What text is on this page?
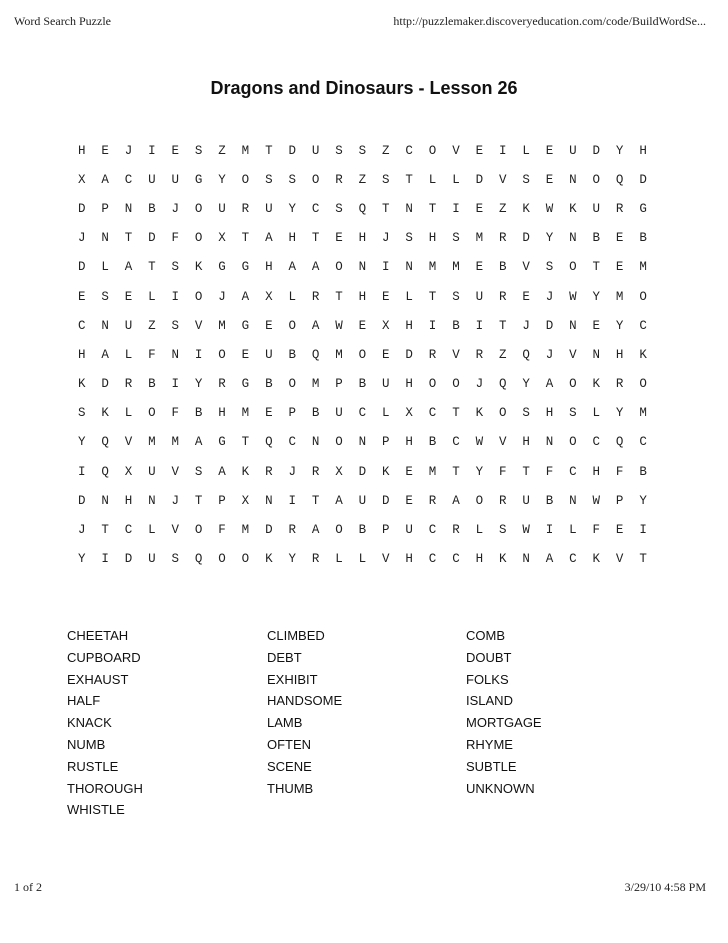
Word Search Puzzle	http://puzzlemaker.discoveryeducation.com/code/BuildWordSe...
Dragons and Dinosaurs - Lesson 26
H	E	J	I	E	S	Z	M	T	D	U	S	S	Z	C	O	V	E	I	L	E	U	D	Y	H
X	A	C	U	U	G	Y	O	S	S	O	R	Z	S	T	L	L	D	V	S	E	N	O	Q	D
D	P	N	B	J	O	U	R	U	Y	C	S	Q	T	N	T	I	E	Z	K	W	K	U	R	G
J	N	T	D	F	O	X	T	A	H	T	E	H	J	S	H	S	M	R	D	Y	N	B	E	B
D	L	A	T	S	K	G	G	H	A	A	O	N	I	N	M	M	E	B	V	S	O	T	E	M
E	S	E	L	I	O	J	A	X	L	R	T	H	E	L	T	S	U	R	E	J	W	Y	M	O
C	N	U	Z	S	V	M	G	E	O	A	W	E	X	H	I	B	I	T	J	D	N	E	Y	C
H	A	L	F	N	I	O	E	U	B	Q	M	O	E	D	R	V	R	Z	Q	J	V	N	H	K
K	D	R	B	I	Y	R	G	B	O	M	P	B	U	H	O	O	J	Q	Y	A	O	K	R	O
S	K	L	O	F	B	H	M	E	P	B	U	C	L	X	C	T	K	O	S	H	S	L	Y	M
Y	Q	V	M	M	A	G	T	Q	C	N	O	N	P	H	B	C	W	V	H	N	O	C	Q	C
I	Q	X	U	V	S	A	K	R	J	R	X	D	K	E	M	T	Y	F	T	F	C	H	F	B
D	N	H	N	J	T	P	X	N	I	T	A	U	D	E	R	A	O	R	U	B	N	W	P	Y
J	T	C	L	V	O	F	M	D	R	A	O	B	P	U	C	R	L	S	W	I	L	F	E	I
Y	I	D	U	S	Q	O	O	K	Y	R	L	L	V	H	C	C	H	K	N	A	C	K	V	T
CHEETAH	CLIMBED	COMB
CUPBOARD	DEBT	DOUBT
EXHAUST	EXHIBIT	FOLKS
HALF	HANDSOME	ISLAND
KNACK	LAMB	MORTGAGE
NUMB	OFTEN	RHYME
RUSTLE	SCENE	SUBTLE
THOROUGH	THUMB	UNKNOWN
WHISTLE
1 of 2	3/29/10 4:58 PM
